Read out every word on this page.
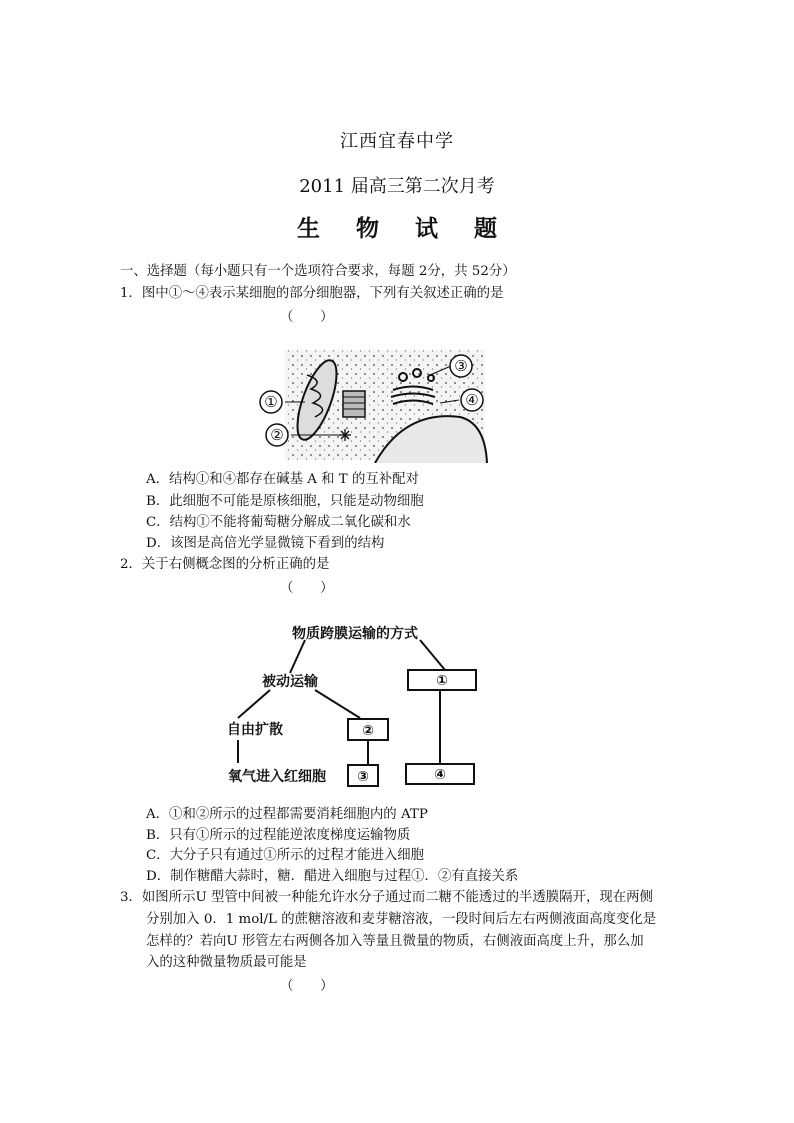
江西宜春中学
2011 届高三第二次月考
生 物 试 题
一、选择题（每小题只有一个选项符合要求，每题 2分，共 52分）
1．图中①～④表示某细胞的部分细胞器，下列有关叙述正确的是
（　　）
①
②
③
④
A．结构①和④都存在碱基 A 和 T 的互补配对
B．此细胞不可能是原核细胞，只能是动物细胞
C．结构①不能将葡萄糖分解成二氧化碳和水
D．该图是高倍光学显微镜下看到的结构
2．关于右侧概念图的分析正确的是
（　　）
物质跨膜运输的方式
被动运输
自由扩散
氧气进入红细胞
①
②
③	④
A．①和②所示的过程都需要消耗细胞内的 ATP
B．只有①所示的过程能逆浓度梯度运输物质
C．大分子只有通过①所示的过程才能进入细胞
D．制作糖醋大蒜时，糖．醋进入细胞与过程①．②有直接关系
3．如图所示U 型管中间被一种能允许水分子通过而二糖不能透过的半透膜隔开，现在两侧
分别加入 0．1 mol/L 的蔗糖溶液和麦芽糖溶液，一段时间后左右两侧液面高度变化是
怎样的？若向U 形管左右两侧各加入等量且微量的物质，右侧液面高度上升，那么加
入的这种微量物质最可能是
（　　）
